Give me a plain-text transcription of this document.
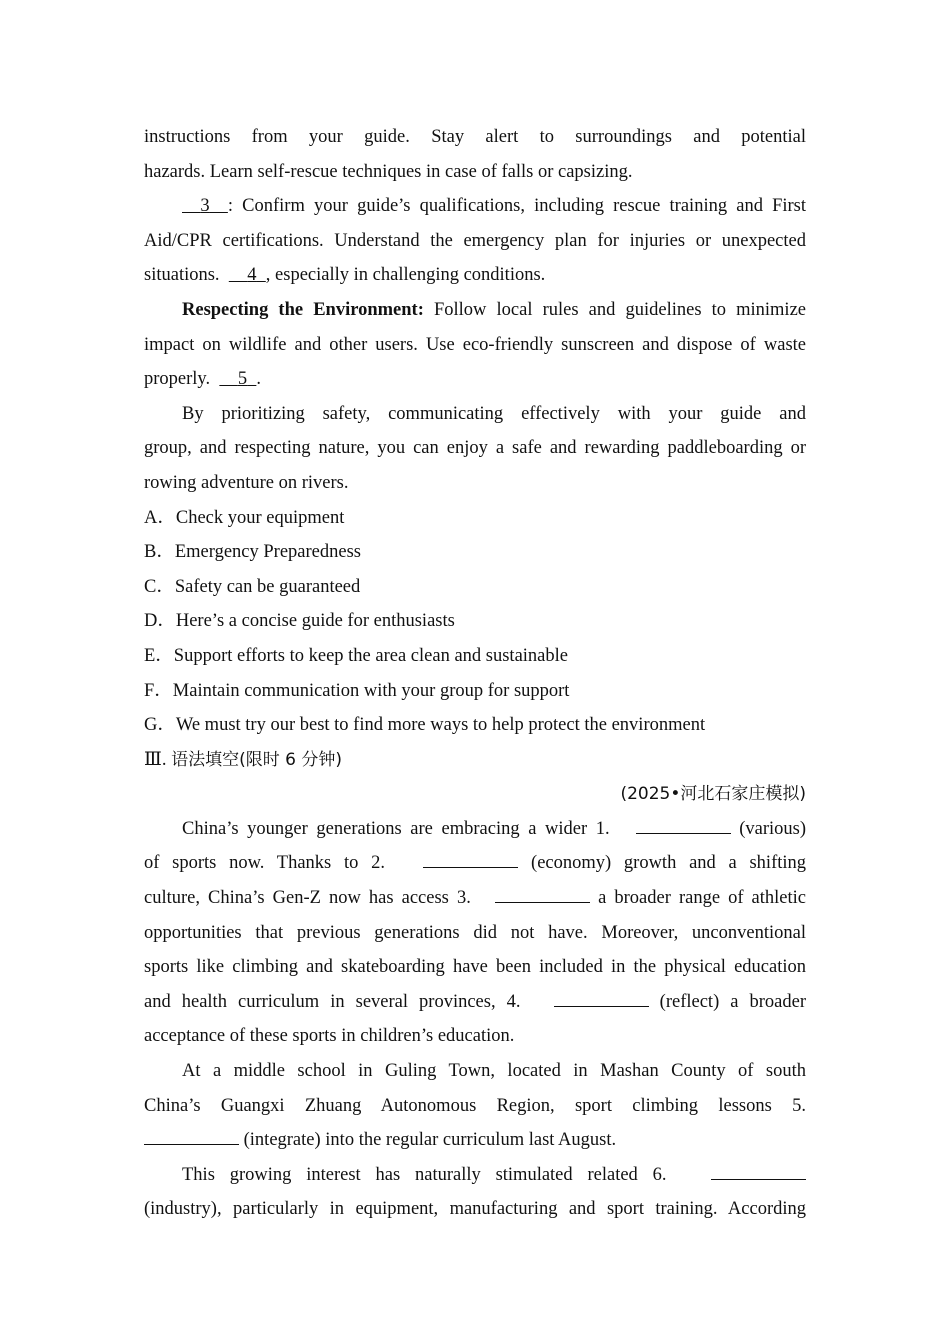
instructions from your guide. Stay alert to surroundings and potential

hazards. Learn self-rescue techniques in case of falls or capsizing.

3 : Confirm your guide’s qualifications, including rescue training and First

Aid/CPR certifications. Understand the emergency plan for injuries or unexpected

situations. 4 , especially in challenging conditions.

Respecting the Environment: Follow local rules and guidelines to minimize

impact on wildlife and other users. Use eco-friendly sunscreen and dispose of waste

properly. 5 .

By prioritizing safety, communicating effectively with your guide and

group, and respecting nature, you can enjoy a safe and rewarding paddleboarding or

rowing adventure on rivers.

A．Check your equipment

B．Emergency Preparedness

C．Safety can be guaranteed

D．Here’s a concise guide for enthusiasts

E．Support efforts to keep the area clean and sustainable

F．Maintain communication with your group for support

G．We must try our best to find more ways to help protect the environment

Ⅲ. 语法填空(限时 6 分钟)

(2025•河北石家庄模拟)

China’s younger generations are embracing a wider 1.	(various)

of sports now. Thanks to 2.	(economy) growth and a shifting

culture, China’s Gen-Z now has access 3.	a broader range of athletic

opportunities that previous generations did not have. Moreover, unconventional

sports like climbing and skateboarding have been included in the physical education

and health curriculum in several provinces, 4.	(reflect) a broader

acceptance of these sports in children’s education.

At a middle school in Guling Town, located in Mashan County of south

China’s Guangxi Zhuang Autonomous Region, sport climbing lessons 5.

(integrate) into the regular curriculum last August.

This growing interest has naturally stimulated related 6.

(industry), particularly in equipment, manufacturing and sport training. According
